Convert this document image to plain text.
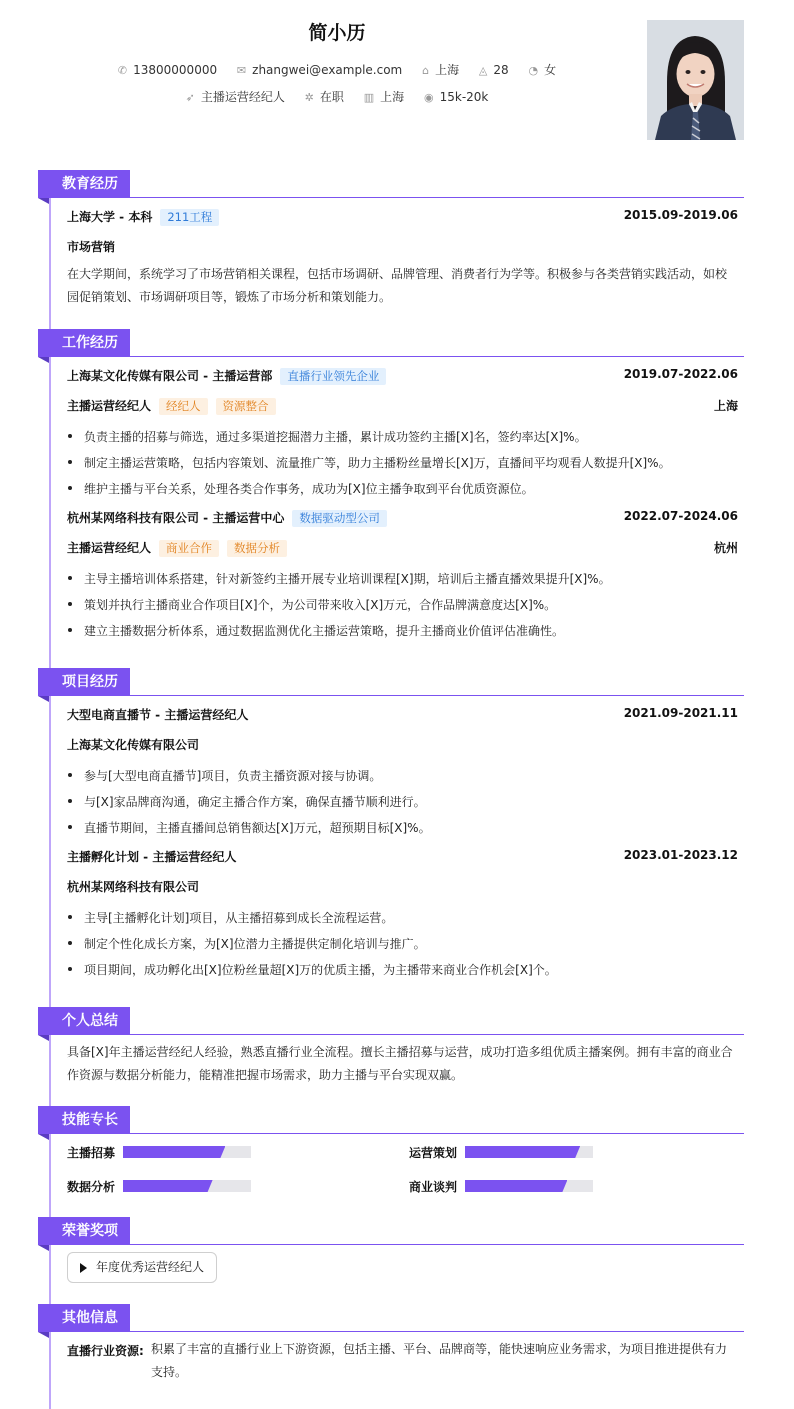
简小历
✆ 13800000000 ✉ zhangwei@example.com ⌂ 上海 ◬ 28 ◔ 女
➶ 主播运营经纪人 ✲ 在职 ▥ 上海 ◉ 15k-20k
教育经历
上海大学 - 本科 211工程	2015.09-2019.06
市场营销
在大学期间，系统学习了市场营销相关课程，包括市场调研、品牌管理、消费者行为学等。积极参与各类营销实践活动，如校
园促销策划、市场调研项目等，锻炼了市场分析和策划能力。
工作经历
上海某文化传媒有限公司 - 主播运营部 直播行业领先企业	2019.07-2022.06
主播运营经纪人 经纪人 资源整合	上海
负责主播的招募与筛选，通过多渠道挖掘潜力主播，累计成功签约主播[X]名，签约率达[X]%。
制定主播运营策略，包括内容策划、流量推广等，助力主播粉丝量增长[X]万，直播间平均观看人数提升[X]%。
维护主播与平台关系，处理各类合作事务，成功为[X]位主播争取到平台优质资源位。
杭州某网络科技有限公司 - 主播运营中心 数据驱动型公司	2022.07-2024.06
主播运营经纪人 商业合作 数据分析	杭州
主导主播培训体系搭建，针对新签约主播开展专业培训课程[X]期，培训后主播直播效果提升[X]%。
策划并执行主播商业合作项目[X]个，为公司带来收入[X]万元，合作品牌满意度达[X]%。
建立主播数据分析体系，通过数据监测优化主播运营策略，提升主播商业价值评估准确性。
项目经历
大型电商直播节 - 主播运营经纪人	2021.09-2021.11
上海某文化传媒有限公司
参与[大型电商直播节]项目，负责主播资源对接与协调。
与[X]家品牌商沟通，确定主播合作方案，确保直播节顺利进行。
直播节期间，主播直播间总销售额达[X]万元，超预期目标[X]%。
主播孵化计划 - 主播运营经纪人	2023.01-2023.12
杭州某网络科技有限公司
主导[主播孵化计划]项目，从主播招募到成长全流程运营。
制定个性化成长方案，为[X]位潜力主播提供定制化培训与推广。
项目期间，成功孵化出[X]位粉丝量超[X]万的优质主播，为主播带来商业合作机会[X]个。
个人总结
具备[X]年主播运营经纪人经验，熟悉直播行业全流程。擅长主播招募与运营，成功打造多组优质主播案例。拥有丰富的商业合
作资源与数据分析能力，能精准把握市场需求，助力主播与平台实现双赢。
技能专长
主播招募	运营策划
数据分析	商业谈判
荣誉奖项
年度优秀运营经纪人
其他信息
直播行业资源: 积累了丰富的直播行业上下游资源，包括主播、平台、品牌商等，能快速响应业务需求，为项目推进提供有力
支持。
